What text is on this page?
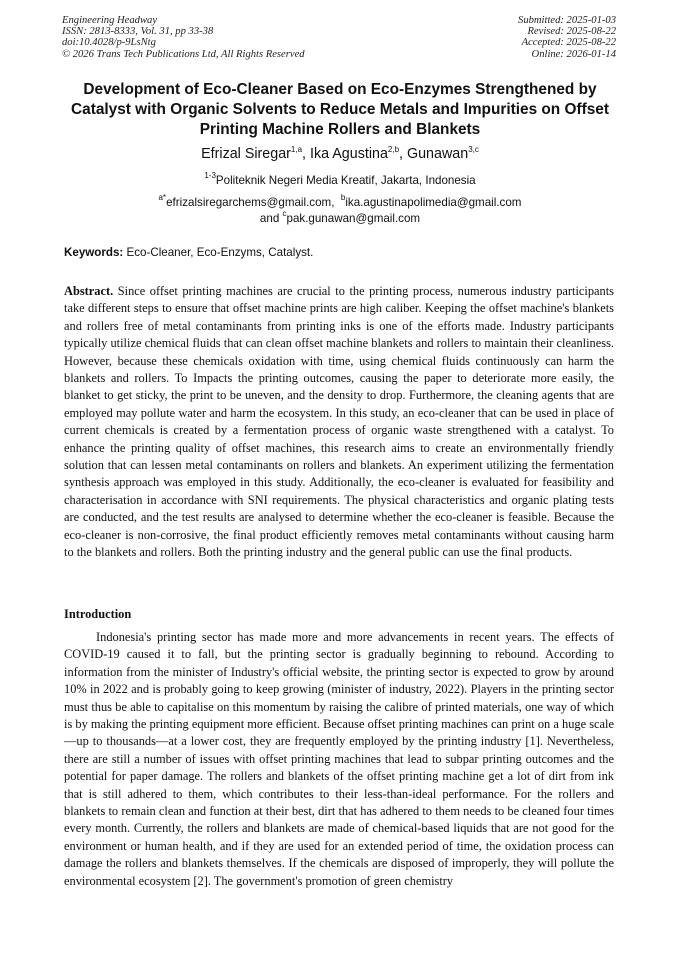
Engineering Headway
ISSN: 2813-8333, Vol. 31, pp 33-38
doi:10.4028/p-9LsNtg
© 2026 Trans Tech Publications Ltd, All Rights Reserved
Submitted: 2025-01-03
Revised: 2025-08-22
Accepted: 2025-08-22
Online: 2026-01-14
Development of Eco-Cleaner Based on Eco-Enzymes Strengthened by Catalyst with Organic Solvents to Reduce Metals and Impurities on Offset Printing Machine Rollers and Blankets
Efrizal Siregar$^{1,a}$, Ika Agustina$^{2,b}$, Gunawan$^{3,c}$
$^{1-3}$Politeknik Negeri Media Kreatif, Jakarta, Indonesia
$^{a*}$efrizalsiregarchems@gmail.com, $^b$ika.agustinapolimedia@gmail.com
and $^c$pak.gunawan@gmail.com
Keywords: Eco-Cleaner, Eco-Enzyms, Catalyst.
Abstract. Since offset printing machines are crucial to the printing process, numerous industry participants take different steps to ensure that offset machine prints are high caliber. Keeping the offset machine's blankets and rollers free of metal contaminants from printing inks is one of the efforts made. Industry participants typically utilize chemical fluids that can clean offset machine blankets and rollers to maintain their cleanliness. However, because these chemicals oxidation with time, using chemical fluids continuously can harm the blankets and rollers. To Impacts the printing outcomes, causing the paper to deteriorate more easily, the blanket to get sticky, the print to be uneven, and the density to drop. Furthermore, the cleaning agents that are employed may pollute water and harm the ecosystem. In this study, an eco-cleaner that can be used in place of current chemicals is created by a fermentation process of organic waste strengthened with a catalyst. To enhance the printing quality of offset machines, this research aims to create an environmentally friendly solution that can lessen metal contaminants on rollers and blankets. An experiment utilizing the fermentation synthesis approach was employed in this study. Additionally, the eco-cleaner is evaluated for feasibility and characterisation in accordance with SNI requirements. The physical characteristics and organic plating tests are conducted, and the test results are analysed to determine whether the eco-cleaner is feasible. Because the eco-cleaner is non-corrosive, the final product efficiently removes metal contaminants without causing harm to the blankets and rollers. Both the printing industry and the general public can use the final products.
Introduction
Indonesia's printing sector has made more and more advancements in recent years. The effects of COVID-19 caused it to fall, but the printing sector is gradually beginning to rebound. According to information from the minister of Industry's official website, the printing sector is expected to grow by around 10% in 2022 and is probably going to keep growing (minister of industry, 2022). Players in the printing sector must thus be able to capitalise on this momentum by raising the calibre of printed materials, one way of which is by making the printing equipment more efficient. Because offset printing machines can print on a huge scale—up to thousands—at a lower cost, they are frequently employed by the printing industry [1]. Nevertheless, there are still a number of issues with offset printing machines that lead to subpar printing outcomes and the potential for paper damage. The rollers and blankets of the offset printing machine get a lot of dirt from ink that is still adhered to them, which contributes to their less-than-ideal performance. For the rollers and blankets to remain clean and function at their best, dirt that has adhered to them needs to be cleaned four times every month. Currently, the rollers and blankets are made of chemical-based liquids that are not good for the environment or human health, and if they are used for an extended period of time, the oxidation process can damage the rollers and blankets themselves. If the chemicals are disposed of improperly, they will pollute the environmental ecosystem [2]. The government's promotion of green chemistry
